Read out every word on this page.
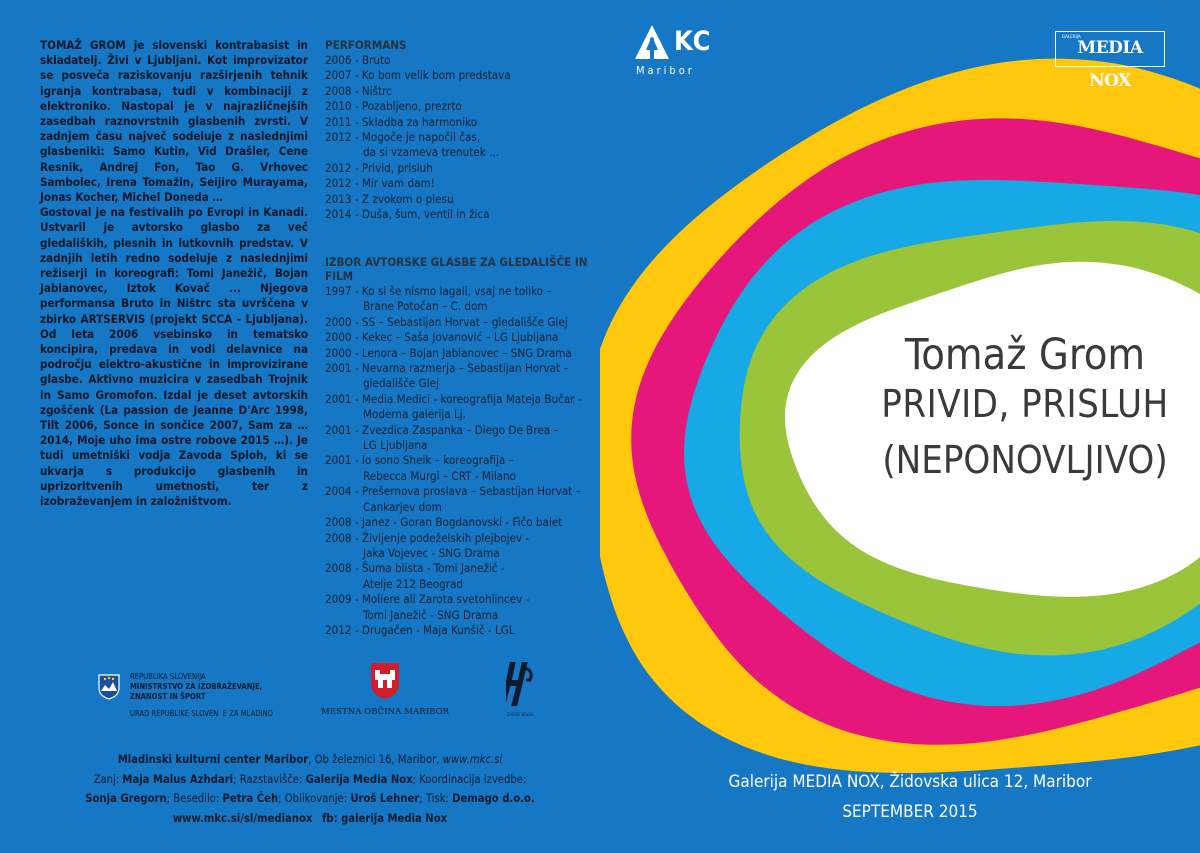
TOMAŽ GROM je slovenski kontrabasist in skladatelj. Živi v Ljubljani. Kot improvizator se posveča raziskovanju razširjenih tehnik igranja kontrabasa, tudi v kombinaciji z elektroniko. Nastopal je v najrazličnejših zasedbah raznovrstnih glasbenih zvrsti. V zadnjem času največ sodeluje z naslednjimi glasbeniki: Samo Kutin, Vid Drašler, Cene Resnik, Andrej Fon, Tao G. Vrhovec Sambolec, Irena Tomažin, Seijiro Murayama, Jonas Kocher, Michel Doneda …
Gostoval je na festivalih po Evropi in Kanadi. Ustvaril je avtorsko glasbo za več gledaliških, plesnih in lutkovnih predstav. V zadnjih letih redno sodeluje z naslednjimi režiserji in koreografi: Tomi Janežič, Bojan Jablanovec, Iztok Kovač ... Njegova performansa Bruto in Ništrc sta uvrščena v zbirko ARTSERVIS (projekt SCCA - Ljubljana). Od leta 2006 vsebinsko in tematsko koncipira, predava in vodi delavnice na področju elektro-akustične in improvizirane glasbe. Aktivno muzicira v zasedbah Trojnik in Samo Gromofon. Izdal je deset avtorskih zgoščenk (La passion de Jeanne D'Arc 1998, Tilt 2006, Sonce in sončice 2007, Sam za … 2014, Moje uho ima ostre robove 2015 …). Je tudi umetniški vodja Zavoda Sploh, ki se ukvarja s produkcijo glasbenih in uprizoritvenih umetnosti, ter z izobraževanjem in založništvom.
PERFORMANS
2006 - Bruto
2007 - Ko bom velik bom predstava
2008 - Ništrc
2010 - Pozabljeno, prezrto
2011 - Skladba za harmoniko
2012 - Mogoče je napočil čas,
da si vzameva trenutek ...
2012 - Privid, prisluh
2012 - Mir vam dam!
2013 - Z zvokom o plesu
2014 - Duša, šum, ventil in žica
IZBOR AVTORSKE GLASBE ZA GLEDALIŠČE IN FILM
1997 - Ko si še nismo lagali, vsaj ne toliko –
Brane Potočan – C. dom
2000 - SS – Sebastijan Horvat – gledališče Glej
2000 - Kekec – Saša Jovanović – LG Ljubljana
2000 - Lenora – Bojan Jablanovec – SNG Drama
2001 - Nevarna razmerja – Sebastijan Horvat –
gledališče Glej
2001 - Media Medici - koreografija Mateja Bučar -
Moderna galerija Lj.
2001 - Zvezdica Zaspanka – Diego De Brea –
LG Ljubljana
2001 - Io sono Sheik – koreografija –
Rebecca Murgi – CRT - Milano
2004 - Prešernova proslava – Sebastijan Horvat –
Cankarjev dom
2008 - Janez - Goran Bogdanovski - Fičo balet
2008 - Življenje podeželskih plejbojev -
Jaka Vojevec - SNG Drama
2008 - Šuma blista - Tomi Janežič -
Atelje 212 Beograd
2009 - Moliere ali Zarota svetohlincev -
Tomi Janežič - SNG Drama
2012 - Drugačen - Maja Kunšič - LGL
REPUBLIKA SLOVENIJA
MINISTRSTVO ZA IZOBRAŽEVANJE,
ZNANOST IN ŠPORT
URAD REPUBLIKE SLOVEN  E ZA MLADINO	MESTNA OBČINA MARIBOR	ZAVOD SPLOH
Mladinski kulturni center Maribor, Ob železnici 16, Maribor, www.mkc.si
Zanj: Maja Malus Azhdari; Razstavišče: Galerija Media Nox; Koordinacija izvedbe:
Sonja Gregorn; Besedilo: Petra Čeh; Oblikovanje: Uroš Lehner; Tisk: Demago d.o.o.
www.mkc.si/sl/medianox fb: galerija Media Nox
KC
Maribor
GALERIJA
MEDIA NOX
Tomaž Grom
PRIVID, PRISLUH
(NEPONOVLJIVO)
Galerija MEDIA NOX, Židovska ulica 12, Maribor
SEPTEMBER 2015
